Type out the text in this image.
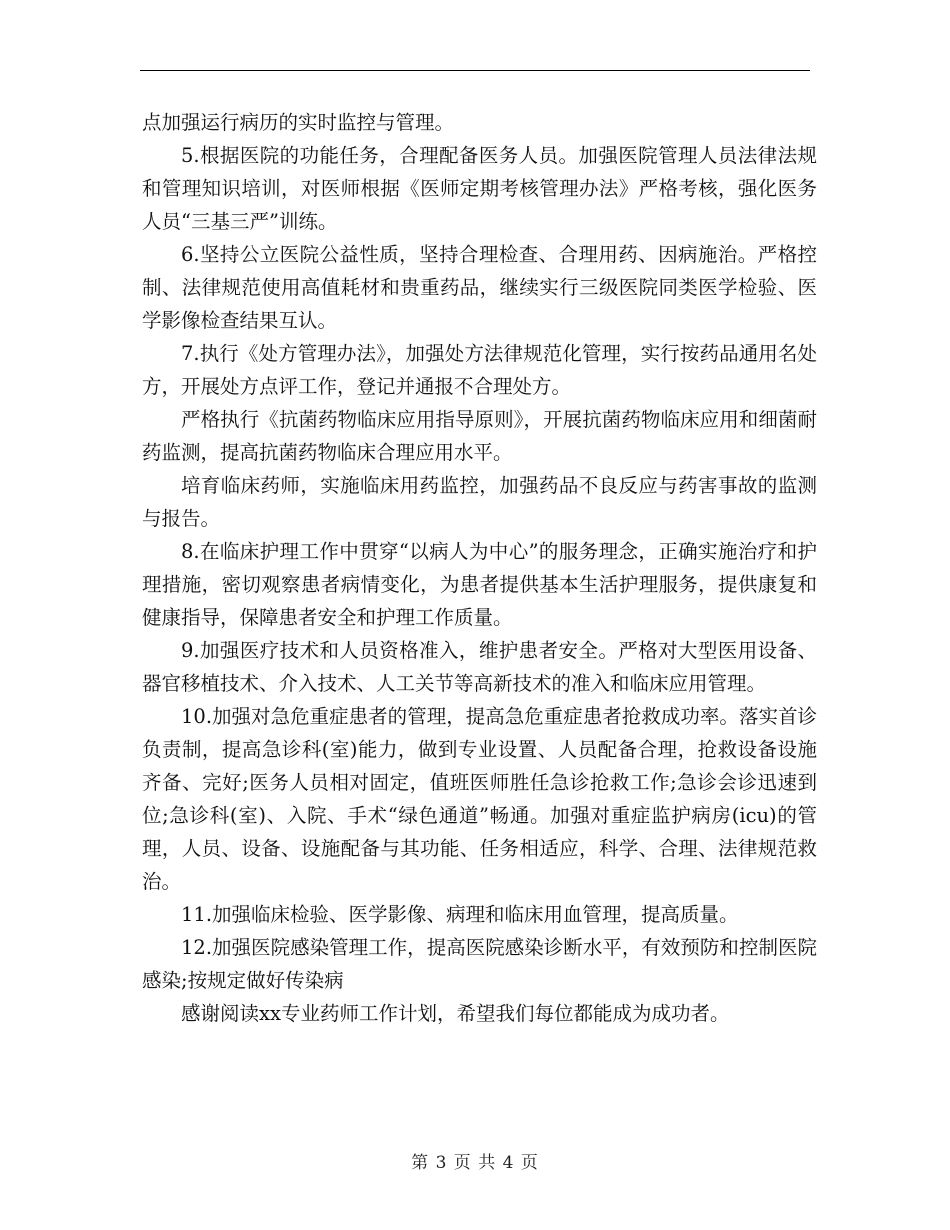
点加强运行病历的实时监控与管理。

5.根据医院的功能任务，合理配备医务人员。加强医院管理人员法律法规和管理知识培训，对医师根据《医师定期考核管理办法》严格考核，强化医务人员“三基三严”训练。

6.坚持公立医院公益性质，坚持合理检查、合理用药、因病施治。严格控制、法律规范使用高值耗材和贵重药品，继续实行三级医院同类医学检验、医学影像检查结果互认。

7.执行《处方管理办法》，加强处方法律规范化管理，实行按药品通用名处方，开展处方点评工作，登记并通报不合理处方。

严格执行《抗菌药物临床应用指导原则》，开展抗菌药物临床应用和细菌耐药监测，提高抗菌药物临床合理应用水平。

培育临床药师，实施临床用药监控，加强药品不良反应与药害事故的监测与报告。

8.在临床护理工作中贯穿“以病人为中心”的服务理念，正确实施治疗和护理措施，密切观察患者病情变化，为患者提供基本生活护理服务，提供康复和健康指导，保障患者安全和护理工作质量。

9.加强医疗技术和人员资格准入，维护患者安全。严格对大型医用设备、器官移植技术、介入技术、人工关节等高新技术的准入和临床应用管理。

10.加强对急危重症患者的管理，提高急危重症患者抢救成功率。落实首诊负责制，提高急诊科(室)能力，做到专业设置、人员配备合理，抢救设备设施齐备、完好;医务人员相对固定，值班医师胜任急诊抢救工作;急诊会诊迅速到位;急诊科(室)、入院、手术“绿色通道”畅通。加强对重症监护病房(icu)的管理，人员、设备、设施配备与其功能、任务相适应，科学、合理、法律规范救治。

11.加强临床检验、医学影像、病理和临床用血管理，提高质量。

12.加强医院感染管理工作，提高医院感染诊断水平，有效预防和控制医院感染;按规定做好传染病

感谢阅读xx专业药师工作计划，希望我们每位都能成为成功者。

第 3 页 共 4 页
